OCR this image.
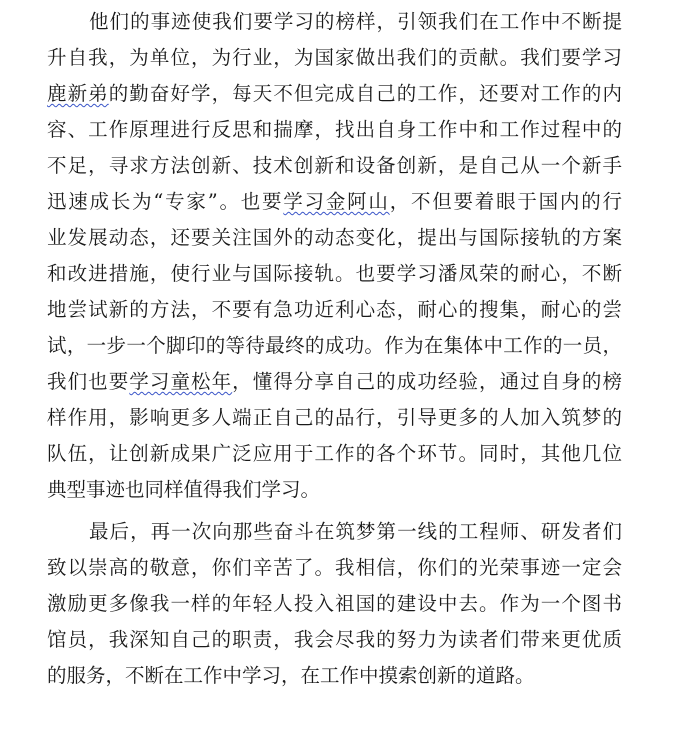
他们的事迹使我们要学习的榜样，引领我们在工作中不断提
升自我，为单位，为行业，为国家做出我们的贡献。我们要学习
鹿新弟的勤奋好学，每天不但完成自己的工作，还要对工作的内
容、工作原理进行反思和揣摩，找出自身工作中和工作过程中的
不足，寻求方法创新、技术创新和设备创新，是自己从一个新手
迅速成长为“专家”。也要学习金阿山，不但要着眼于国内的行
业发展动态，还要关注国外的动态变化，提出与国际接轨的方案
和改进措施，使行业与国际接轨。也要学习潘凤荣的耐心，不断
地尝试新的方法，不要有急功近利心态，耐心的搜集，耐心的尝
试，一步一个脚印的等待最终的成功。作为在集体中工作的一员，
我们也要学习童松年，懂得分享自己的成功经验，通过自身的榜
样作用，影响更多人端正自己的品行，引导更多的人加入筑梦的
队伍，让创新成果广泛应用于工作的各个环节。同时，其他几位
典型事迹也同样值得我们学习。
最后，再一次向那些奋斗在筑梦第一线的工程师、研发者们
致以崇高的敬意，你们辛苦了。我相信，你们的光荣事迹一定会
激励更多像我一样的年轻人投入祖国的建设中去。作为一个图书
馆员，我深知自己的职责，我会尽我的努力为读者们带来更优质
的服务，不断在工作中学习，在工作中摸索创新的道路。
